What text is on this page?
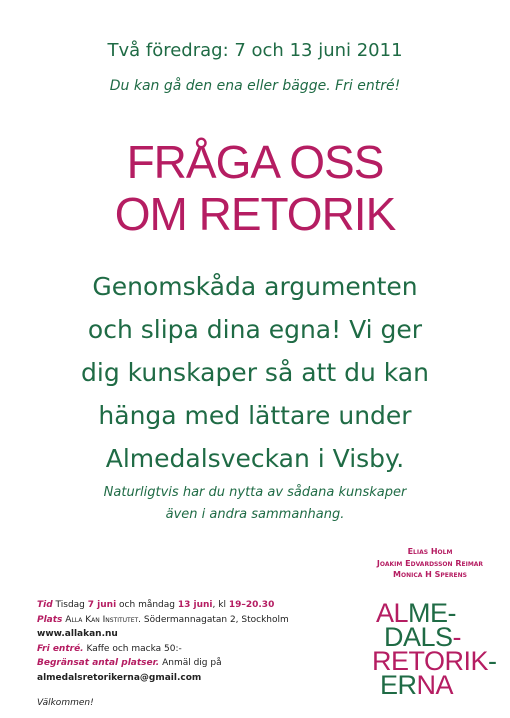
Två föredrag: 7 och 13 juni 2011
Du kan gå den ena eller bägge. Fri entré!
FRÅGA OSS
OM RETORIK
Genomskåda argumenten
och slipa dina egna! Vi ger
dig kunskaper så att du kan
hänga med lättare under
Almedalsveckan i Visby.
Naturligtvis har du nytta av sådana kunskaper
även i andra sammanhang.
Tid Tisdag 7 juni och måndag 13 juni, kl 19–20.30
Plats Alla Kan Institutet. Södermannagatan 2, Stockholm
www.allakan.nu
Fri entré. Kaffe och macka 50:-
Begränsat antal platser. Anmäl dig på
almedalsretorikerna@gmail.com
Välkommen!
Elias Holm
Joakim Edvardsson Reimar
Monica H Sperens
ALME-
DALS-
RETORIK-
ERNA
